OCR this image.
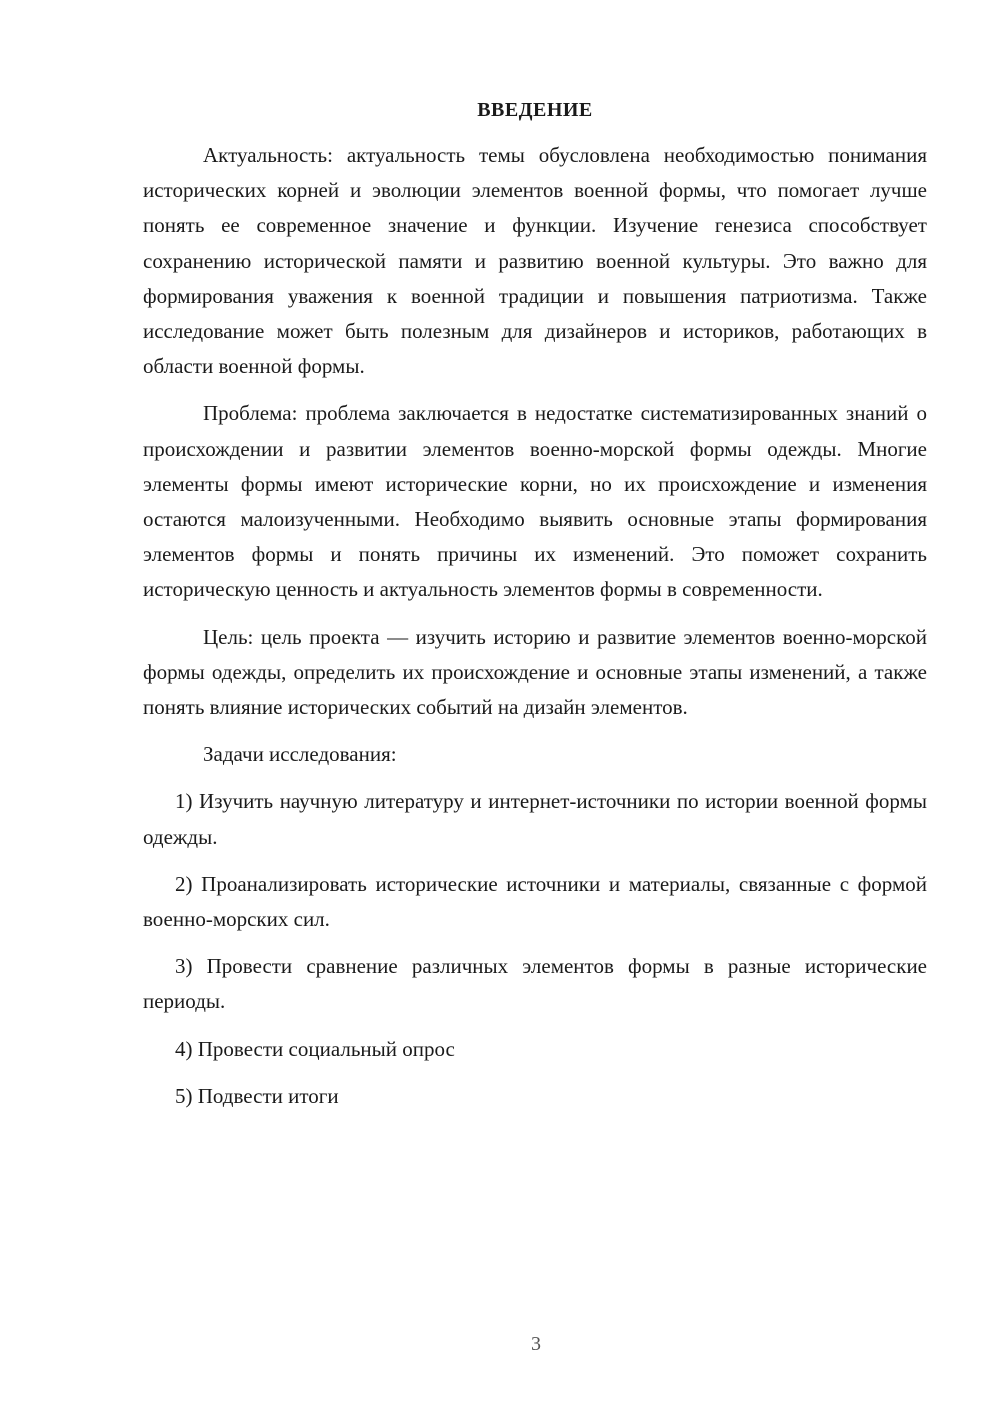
ВВЕДЕНИЕ

Актуальность: актуальность темы обусловлена необходимостью понимания исторических корней и эволюции элементов военной формы, что помогает лучше понять ее современное значение и функции. Изучение генезиса способствует сохранению исторической памяти и развитию военной культуры. Это важно для формирования уважения к военной традиции и повышения патриотизма. Также исследование может быть полезным для дизайнеров и историков, работающих в области военной формы.

Проблема: проблема заключается в недостатке систематизированных знаний о происхождении и развитии элементов военно-морской формы одежды. Многие элементы формы имеют исторические корни, но их происхождение и изменения остаются малоизученными. Необходимо выявить основные этапы формирования элементов формы и понять причины их изменений. Это поможет сохранить историческую ценность и актуальность элементов формы в современности.

Цель: цель проекта — изучить историю и развитие элементов военно-морской формы одежды, определить их происхождение и основные этапы изменений, а также понять влияние исторических событий на дизайн элементов.

Задачи исследования:

1) Изучить научную литературу и интернет-источники по истории военной формы одежды.

2) Проанализировать исторические источники и материалы, связанные с формой военно-морских сил.

3) Провести сравнение различных элементов формы в разные исторические периоды.

4) Провести социальный опрос

5) Подвести итоги

3
